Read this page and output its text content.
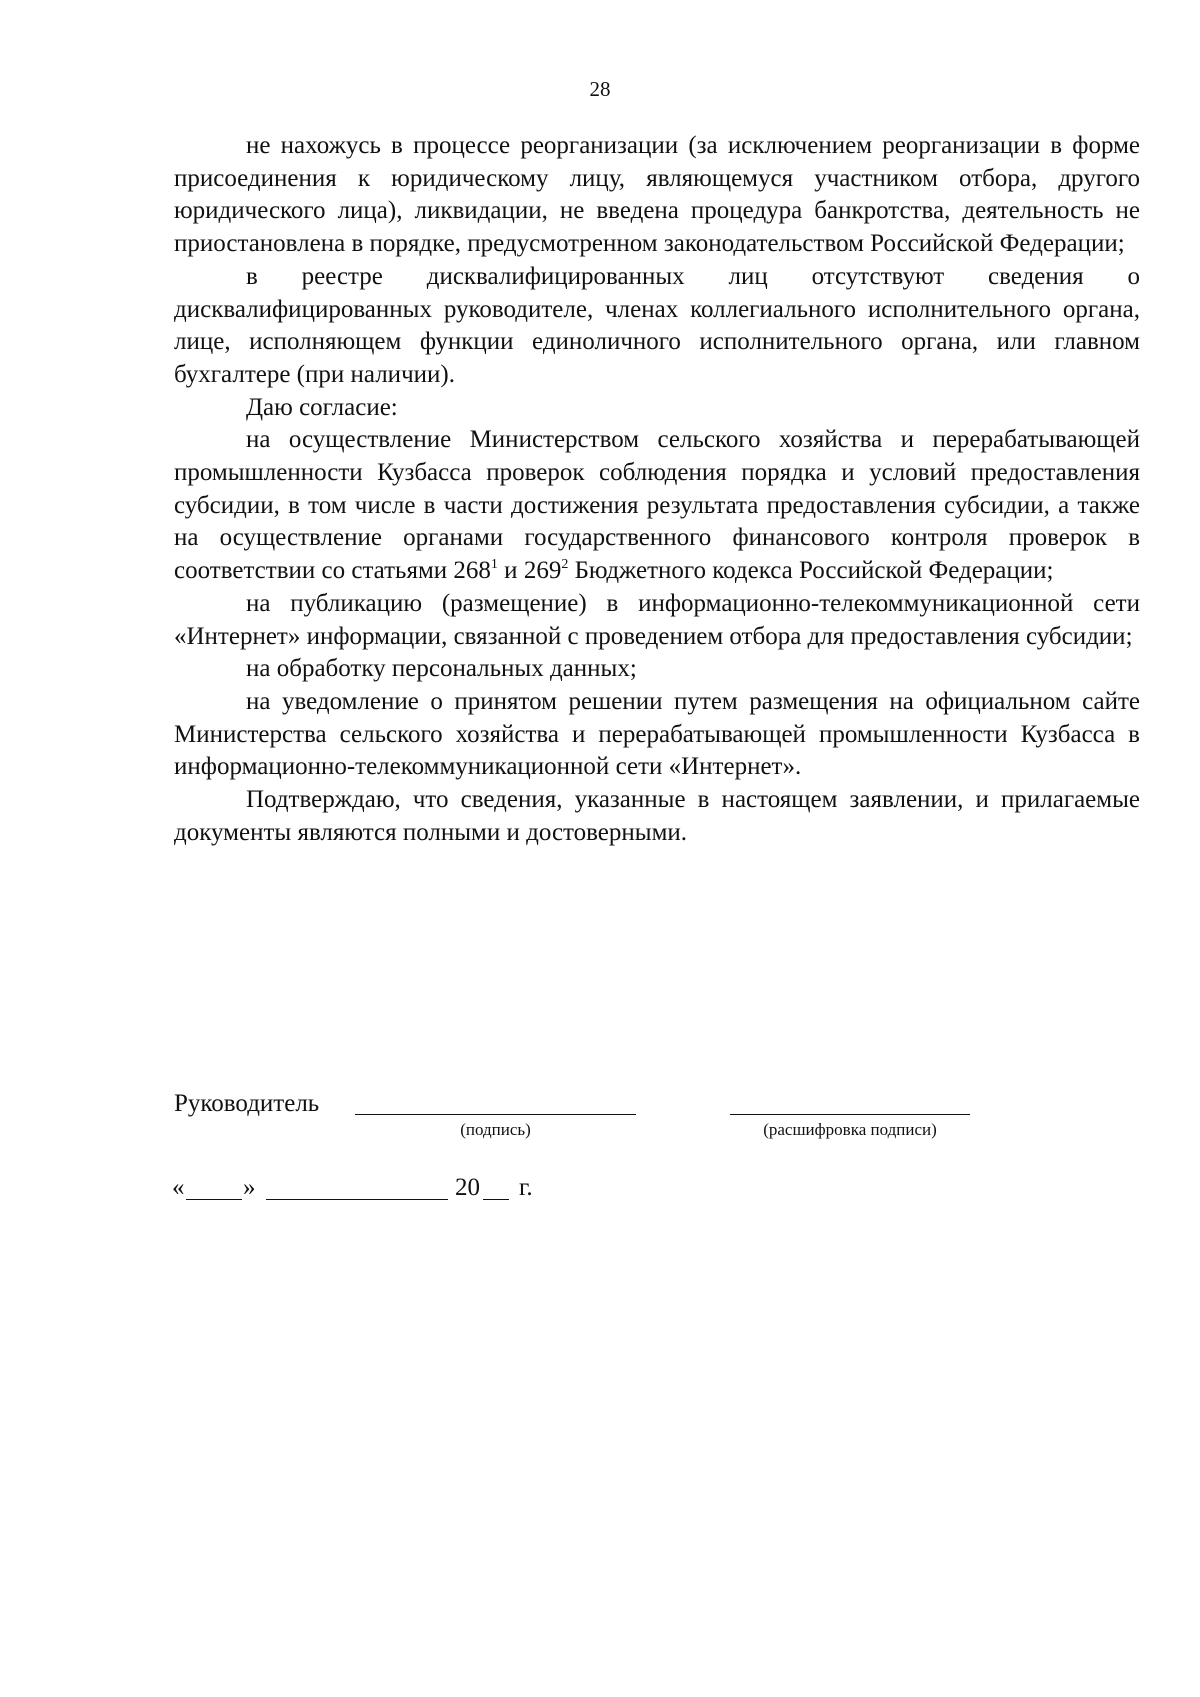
28

не нахожусь в процессе реорганизации (за исключением реорганизации в форме присоединения к юридическому лицу, являющемуся участником отбора, другого юридического лица), ликвидации, не введена процедура банкротства, деятельность не приостановлена в порядке, предусмотренном законодательством Российской Федерации;

в реестре дисквалифицированных лиц отсутствуют сведения о дисквалифицированных руководителе, членах коллегиального исполнительного органа, лице, исполняющем функции единоличного исполнительного органа, или главном бухгалтере (при наличии).

Даю согласие:

на осуществление Министерством сельского хозяйства и перерабатывающей промышленности Кузбасса проверок соблюдения порядка и условий предоставления субсидии, в том числе в части достижения результата предоставления субсидии, а также на осуществление органами государственного финансового контроля проверок в соответствии со статьями $268^1$ и $269^2$ Бюджетного кодекса Российской Федерации;

на публикацию (размещение) в информационно-телекоммуникационной сети «Интернет» информации, связанной с проведением отбора для предоставления субсидии;

на обработку персональных данных;

на уведомление о принятом решении путем размещения на официальном сайте Министерства сельского хозяйства и перерабатывающей промышленности Кузбасса в информационно-телекоммуникационной сети «Интернет».

Подтверждаю, что сведения, указанные в настоящем заявлении, и прилагаемые документы являются полными и достоверными.

Руководитель
(подпись)	(расшифровка подписи)
« »	20 г.
